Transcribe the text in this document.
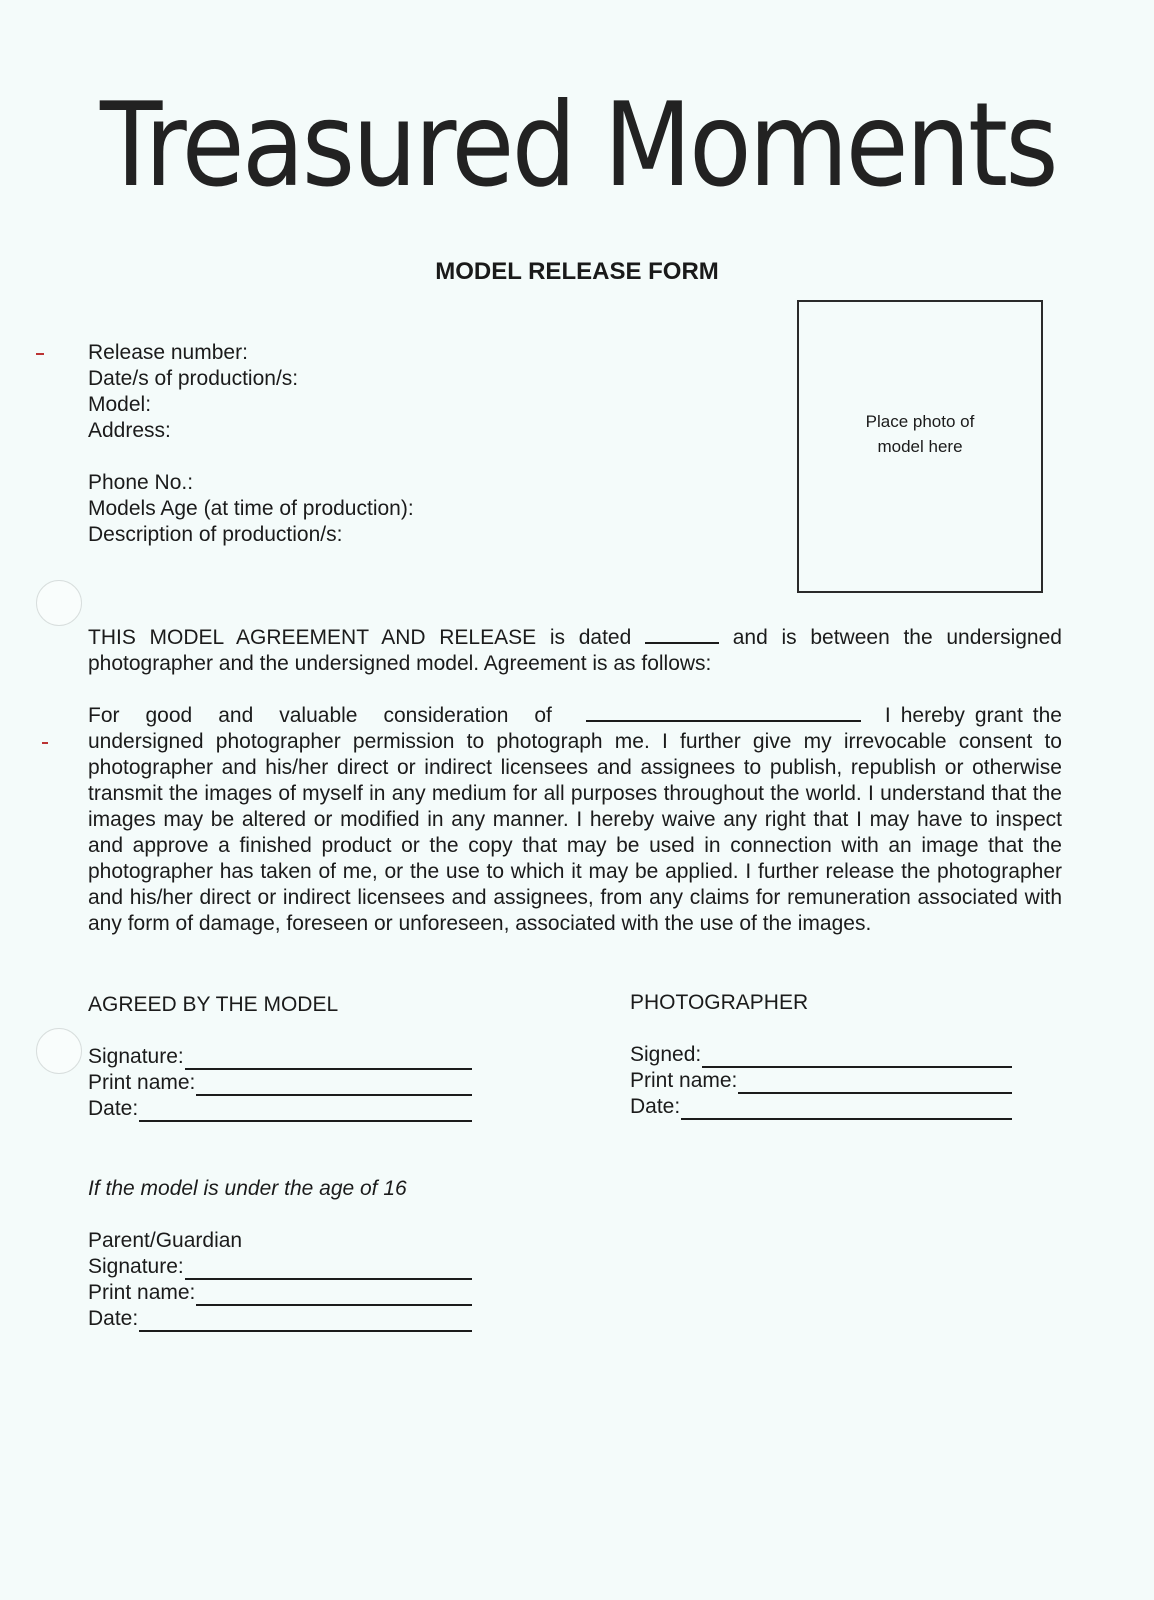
Treasured Moments
MODEL RELEASE FORM
Release number:
Date/s of production/s:
Model:
Address:
Phone No.:
Models Age (at time of production):
Description of production/s:
Place photo of model here
THIS MODEL AGREEMENT AND RELEASE is dated	and is between the undersigned photographer and the undersigned model. Agreement is as follows:
For good and valuable consideration of	I hereby grant the undersigned photographer permission to photograph me. I further give my irrevocable consent to photographer and his/her direct or indirect licensees and assignees to publish, republish or otherwise transmit the images of myself in any medium for all purposes throughout the world. I understand that the images may be altered or modified in any manner. I hereby waive any right that I may have to inspect and approve a finished product or the copy that may be used in connection with an image that the photographer has taken of me, or the use to which it may be applied. I further release the photographer and his/her direct or indirect licensees and assignees, from any claims for remuneration associated with any form of damage, foreseen or unforeseen, associated with the use of the images.
AGREED BY THE MODEL
Signature:
Print name:
Date:
PHOTOGRAPHER
Signed:
Print name:
Date:
If the model is under the age of 16
Parent/Guardian
Signature:
Print name:
Date:
